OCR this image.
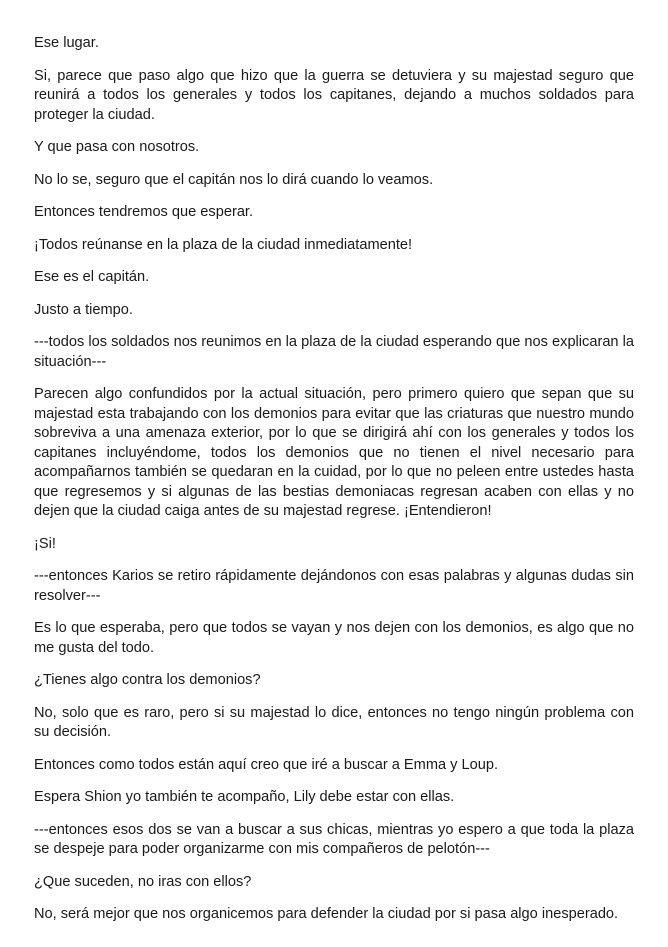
Ese lugar.

Si, parece que paso algo que hizo que la guerra se detuviera y su majestad seguro que reunirá a todos los generales y todos los capitanes, dejando a muchos soldados para proteger la ciudad.

Y que pasa con nosotros.

No lo se, seguro que el capitán nos lo dirá cuando lo veamos.

Entonces tendremos que esperar.

¡Todos reúnanse en la plaza de la ciudad inmediatamente!

Ese es el capitán.

Justo a tiempo.

---todos los soldados nos reunimos en la plaza de la ciudad esperando que nos explicaran la situación---

Parecen algo confundidos por la actual situación, pero primero quiero que sepan que su majestad esta trabajando con los demonios para evitar que las criaturas que nuestro mundo sobreviva a una amenaza exterior, por lo que se dirigirá ahí con los generales y todos los capitanes incluyéndome, todos los demonios que no tienen el nivel necesario para acompañarnos también se quedaran en la cuidad, por lo que no peleen entre ustedes hasta que regresemos y si algunas de las bestias demoniacas regresan acaben con ellas y no dejen que la ciudad caiga antes de su majestad regrese. ¡Entendieron!

¡Si!

---entonces Karios se retiro rápidamente dejándonos con esas palabras y algunas dudas sin resolver---

Es lo que esperaba, pero que todos se vayan y nos dejen con los demonios, es algo que no me gusta del todo.

¿Tienes algo contra los demonios?

No, solo que es raro, pero si su majestad lo dice, entonces no tengo ningún problema con su decisión.

Entonces como todos están aquí creo que iré a buscar a Emma y Loup.

Espera Shion yo también te acompaño, Lily debe estar con ellas.

---entonces esos dos se van a buscar a sus chicas, mientras yo espero a que toda la plaza se despeje para poder organizarme con mis compañeros de pelotón---

¿Que suceden, no iras con ellos?

No, será mejor que nos organicemos para defender la ciudad por si pasa algo inesperado.
